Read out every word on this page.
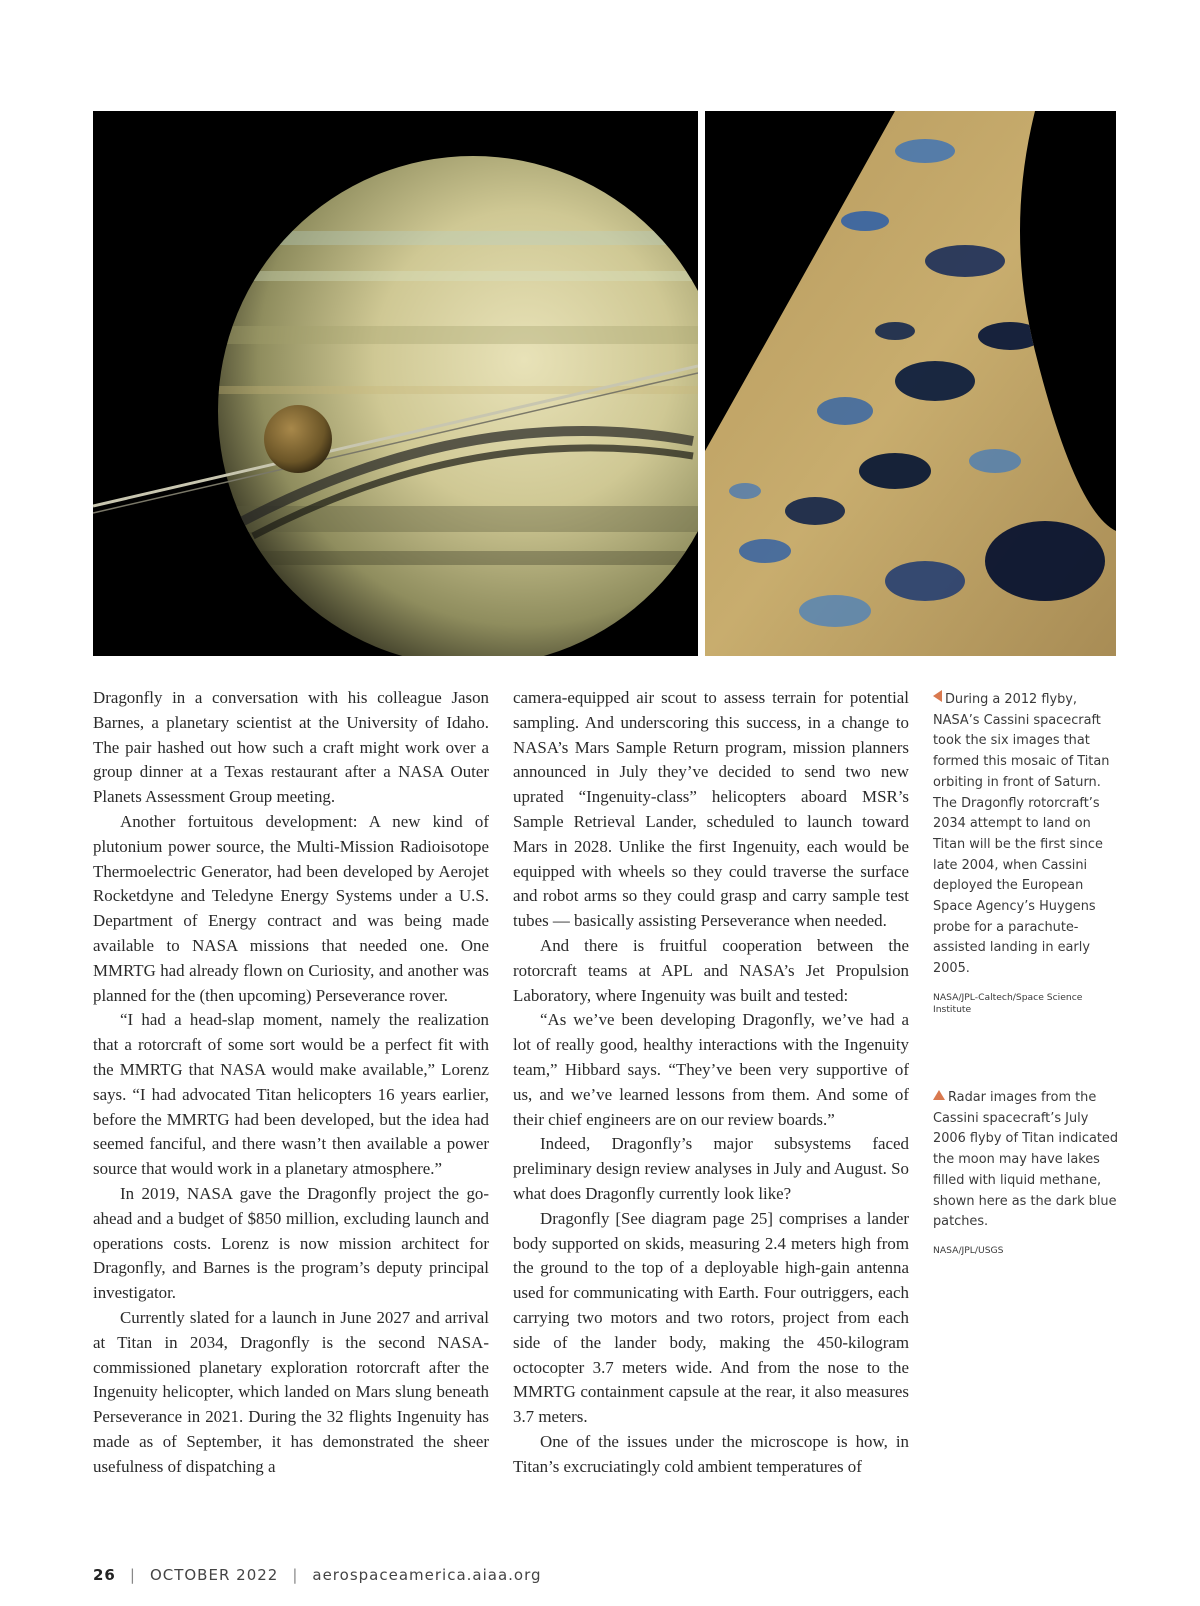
Dragonfly in a conversation with his colleague Jason Barnes, a planetary scientist at the University of Idaho. The pair hashed out how such a craft might work over a group dinner at a Texas restaurant after a NASA Outer Planets Assessment Group meeting.

Another fortuitous development: A new kind of plutonium power source, the Multi-Mission Radioisotope Thermoelectric Generator, had been developed by Aerojet Rocketdyne and Teledyne Energy Systems under a U.S. Department of Energy contract and was being made available to NASA missions that needed one. One MMRTG had already flown on Curiosity, and another was planned for the (then upcoming) Perseverance rover.

“I had a head-slap moment, namely the realization that a rotorcraft of some sort would be a perfect fit with the MMRTG that NASA would make available,” Lorenz says. “I had advocated Titan helicopters 16 years earlier, before the MMRTG had been developed, but the idea had seemed fanciful, and there wasn’t then available a power source that would work in a planetary atmosphere.”

In 2019, NASA gave the Dragonfly project the go-ahead and a budget of $850 million, excluding launch and operations costs. Lorenz is now mission architect for Dragonfly, and Barnes is the program’s deputy principal investigator.

Currently slated for a launch in June 2027 and arrival at Titan in 2034, Dragonfly is the second NASA-commissioned planetary exploration rotorcraft after the Ingenuity helicopter, which landed on Mars slung beneath Perseverance in 2021. During the 32 flights Ingenuity has made as of September, it has demonstrated the sheer usefulness of dispatching a

camera-equipped air scout to assess terrain for potential sampling. And underscoring this success, in a change to NASA’s Mars Sample Return program, mission planners announced in July they’ve decided to send two new uprated “Ingenuity-class” helicopters aboard MSR’s Sample Retrieval Lander, scheduled to launch toward Mars in 2028. Unlike the first Ingenuity, each would be equipped with wheels so they could traverse the surface and robot arms so they could grasp and carry sample test tubes — basically assisting Perseverance when needed.

And there is fruitful cooperation between the rotorcraft teams at APL and NASA’s Jet Propulsion Laboratory, where Ingenuity was built and tested:

“As we’ve been developing Dragonfly, we’ve had a lot of really good, healthy interactions with the Ingenuity team,” Hibbard says. “They’ve been very supportive of us, and we’ve learned lessons from them. And some of their chief engineers are on our review boards.”

Indeed, Dragonfly’s major subsystems faced preliminary design review analyses in July and August. So what does Dragonfly currently look like?

Dragonfly [See diagram page 25] comprises a lander body supported on skids, measuring 2.4 meters high from the ground to the top of a deployable high-gain antenna used for communicating with Earth. Four outriggers, each carrying two motors and two rotors, project from each side of the lander body, making the 450-kilogram octocopter 3.7 meters wide. And from the nose to the MMRTG containment capsule at the rear, it also measures 3.7 meters.

One of the issues under the microscope is how, in Titan’s excruciatingly cold ambient temperatures of

During a 2012 flyby, NASA’s Cassini spacecraft took the six images that formed this mosaic of Titan orbiting in front of Saturn. The Dragonfly rotorcraft’s 2034 attempt to land on Titan will be the first since late 2004, when Cassini deployed the European Space Agency’s Huygens probe for a parachute-assisted landing in early 2005.
NASA/JPL-Caltech/Space Science Institute
Radar images from the Cassini spacecraft’s July 2006 flyby of Titan indicated the moon may have lakes filled with liquid methane, shown here as the dark blue patches.
NASA/JPL/USGS
26 | OCTOBER 2022 | aerospaceamerica.aiaa.org
